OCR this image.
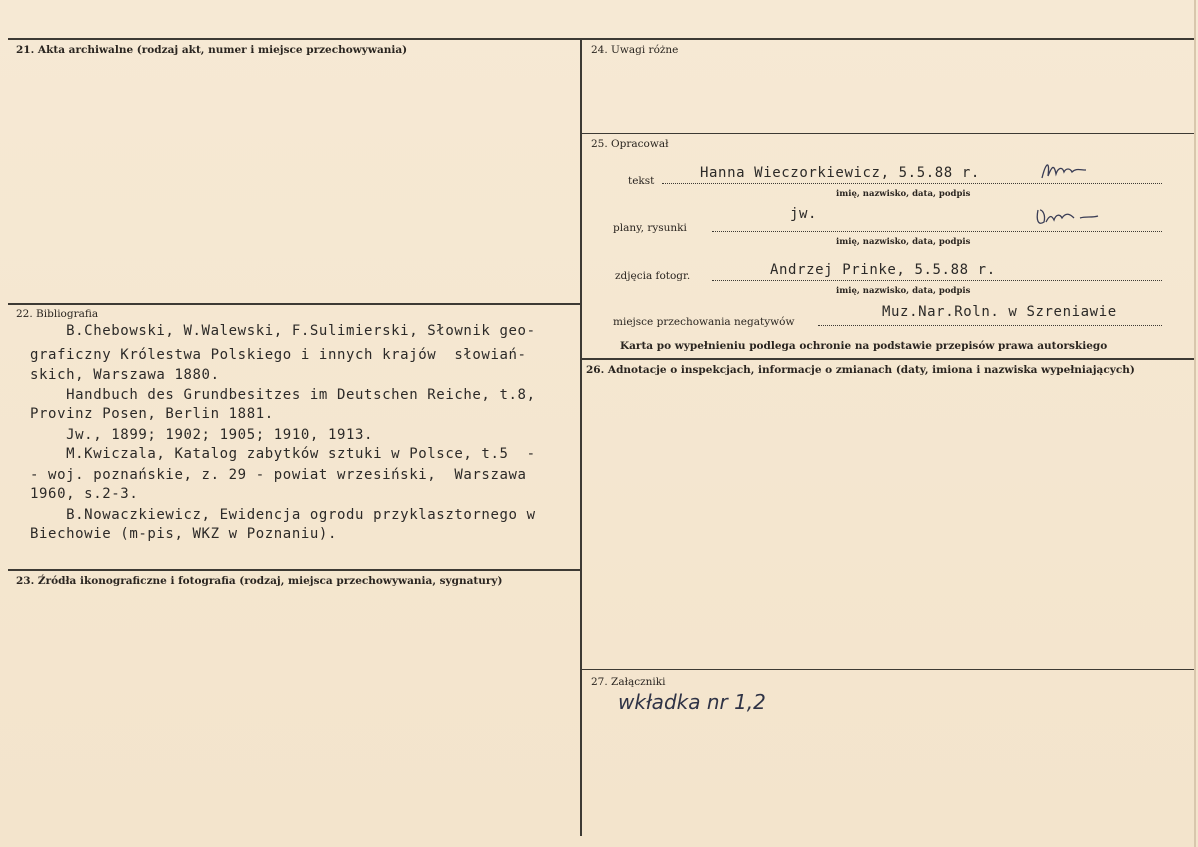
21. Akta archiwalne (rodzaj akt, numer i miejsce przechowywania)
22. Bibliografia
B.Chebowski, W.Walewski, F.Sulimierski, Słownik geo-
graficzny Królestwa Polskiego i innych krajów  słowiań-
skich, Warszawa 1880.
Handbuch des Grundbesitzes im Deutschen Reiche, t.8,
Provinz Posen, Berlin 1881.
Jw., 1899; 1902; 1905; 1910, 1913.
M.Kwiczala, Katalog zabytków sztuki w Polsce, t.5  -
- woj. poznańskie, z. 29 - powiat wrzesiński,  Warszawa
1960, s.2-3.
B.Nowaczkiewicz, Ewidencja ogrodu przyklasztornego w
Biechowie (m-pis, WKZ w Poznaniu).
23. Źródła ikonograficzne i fotografia (rodzaj, miejsca przechowywania, sygnatury)
24. Uwagi różne
25. Opracował
tekst	Hanna Wieczorkiewicz, 5.5.88 r.
imię, nazwisko, data, podpis
plany, rysunki
jw.
imię, nazwisko, data, podpis
zdjęcia fotogr.	Andrzej Prinke, 5.5.88 r.
imię, nazwisko, data, podpis
miejsce przechowania negatywów
Muz.Nar.Roln. w Szreniawie
Karta po wypełnieniu podlega ochronie na podstawie przepisów prawa autorskiego
26. Adnotacje o inspekcjach, informacje o zmianach (daty, imiona i nazwiska wypełniających)
27. Załączniki
wkładka nr 1,2
